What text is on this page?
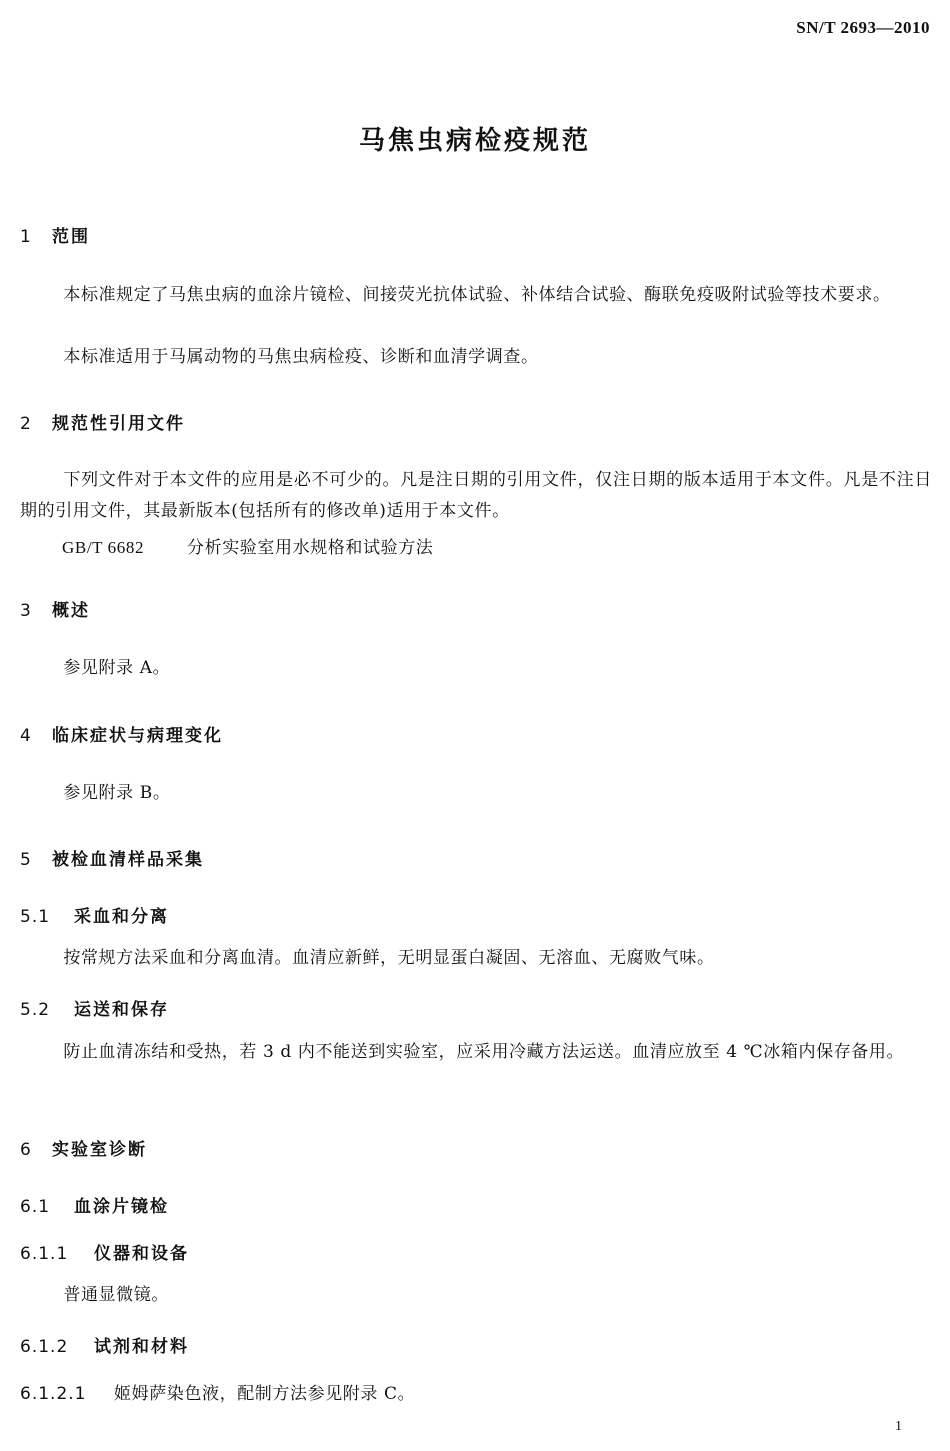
SN/T 2693—2010
马焦虫病检疫规范
1 范围

本标准规定了马焦虫病的血涂片镜检、间接荧光抗体试验、补体结合试验、酶联免疫吸附试验等技术要求。

本标准适用于马属动物的马焦虫病检疫、诊断和血清学调查。

2 规范性引用文件

下列文件对于本文件的应用是必不可少的。凡是注日期的引用文件，仅注日期的版本适用于本文件。凡是不注日期的引用文件，其最新版本(包括所有的修改单)适用于本文件。

GB/T 6682	分析实验室用水规格和试验方法
3 概述

参见附录 A。

4 临床症状与病理变化

参见附录 B。

5 被检血清样品采集
5.1 采血和分离

按常规方法采血和分离血清。血清应新鲜，无明显蛋白凝固、无溶血、无腐败气味。

5.2 运送和保存

防止血清冻结和受热，若 3 d 内不能送到实验室，应采用冷藏方法运送。血清应放至 4 ℃冰箱内保存备用。

6 实验室诊断
6.1 血涂片镜检
6.1.1 仪器和设备

普通显微镜。

6.1.2 试剂和材料
6.1.2.1 姬姆萨染色液，配制方法参见附录 C。
1
